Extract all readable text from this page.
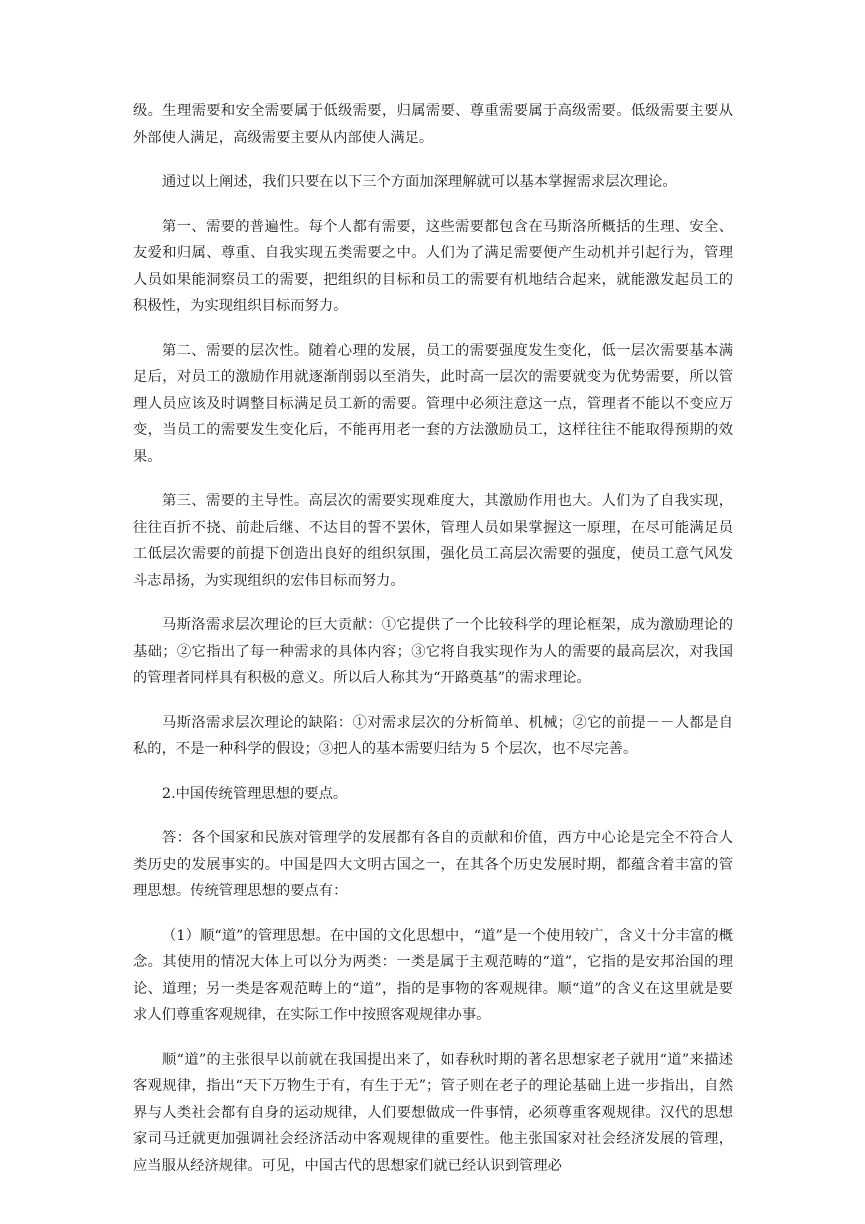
级。生理需要和安全需要属于低级需要，归属需要、尊重需要属于高级需要。低级需要主要从外部使人满足，高级需要主要从内部使人满足。

通过以上阐述，我们只要在以下三个方面加深理解就可以基本掌握需求层次理论。

第一、需要的普遍性。每个人都有需要，这些需要都包含在马斯洛所概括的生理、安全、友爱和归属、尊重、自我实现五类需要之中。人们为了满足需要便产生动机并引起行为，管理人员如果能洞察员工的需要，把组织的目标和员工的需要有机地结合起来，就能激发起员工的积极性，为实现组织目标而努力。

第二、需要的层次性。随着心理的发展，员工的需要强度发生变化，低一层次需要基本满足后，对员工的激励作用就逐渐削弱以至消失，此时高一层次的需要就变为优势需要，所以管理人员应该及时调整目标满足员工新的需要。管理中必须注意这一点，管理者不能以不变应万变，当员工的需要发生变化后，不能再用老一套的方法激励员工，这样往往不能取得预期的效果。

第三、需要的主导性。高层次的需要实现难度大，其激励作用也大。人们为了自我实现，往往百折不挠、前赴后继、不达目的誓不罢休，管理人员如果掌握这一原理，在尽可能满足员工低层次需要的前提下创造出良好的组织氛围，强化员工高层次需要的强度，使员工意气风发斗志昂扬，为实现组织的宏伟目标而努力。

马斯洛需求层次理论的巨大贡献：①它提供了一个比较科学的理论框架，成为激励理论的基础；②它指出了每一种需求的具体内容；③它将自我实现作为人的需要的最高层次，对我国的管理者同样具有积极的意义。所以后人称其为“开路奠基”的需求理论。

马斯洛需求层次理论的缺陷：①对需求层次的分析简单、机械；②它的前提－－人都是自私的，不是一种科学的假设；③把人的基本需要归结为 5 个层次，也不尽完善。

2.中国传统管理思想的要点。

答：各个国家和民族对管理学的发展都有各自的贡献和价值，西方中心论是完全不符合人类历史的发展事实的。中国是四大文明古国之一，在其各个历史发展时期，都蕴含着丰富的管理思想。传统管理思想的要点有：

（1）顺“道”的管理思想。在中国的文化思想中，“道”是一个使用较广，含义十分丰富的概念。其使用的情况大体上可以分为两类：一类是属于主观范畴的“道”，它指的是安邦治国的理论、道理；另一类是客观范畴上的“道”，指的是事物的客观规律。顺“道”的含义在这里就是要求人们尊重客观规律，在实际工作中按照客观规律办事。

顺“道”的主张很早以前就在我国提出来了，如春秋时期的著名思想家老子就用“道”来描述客观规律，指出“天下万物生于有，有生于无”；管子则在老子的理论基础上进一步指出，自然界与人类社会都有自身的运动规律，人们要想做成一件事情，必须尊重客观规律。汉代的思想家司马迁就更加强调社会经济活动中客观规律的重要性。他主张国家对社会经济发展的管理，应当服从经济规律。可见，中国古代的思想家们就已经认识到管理必
